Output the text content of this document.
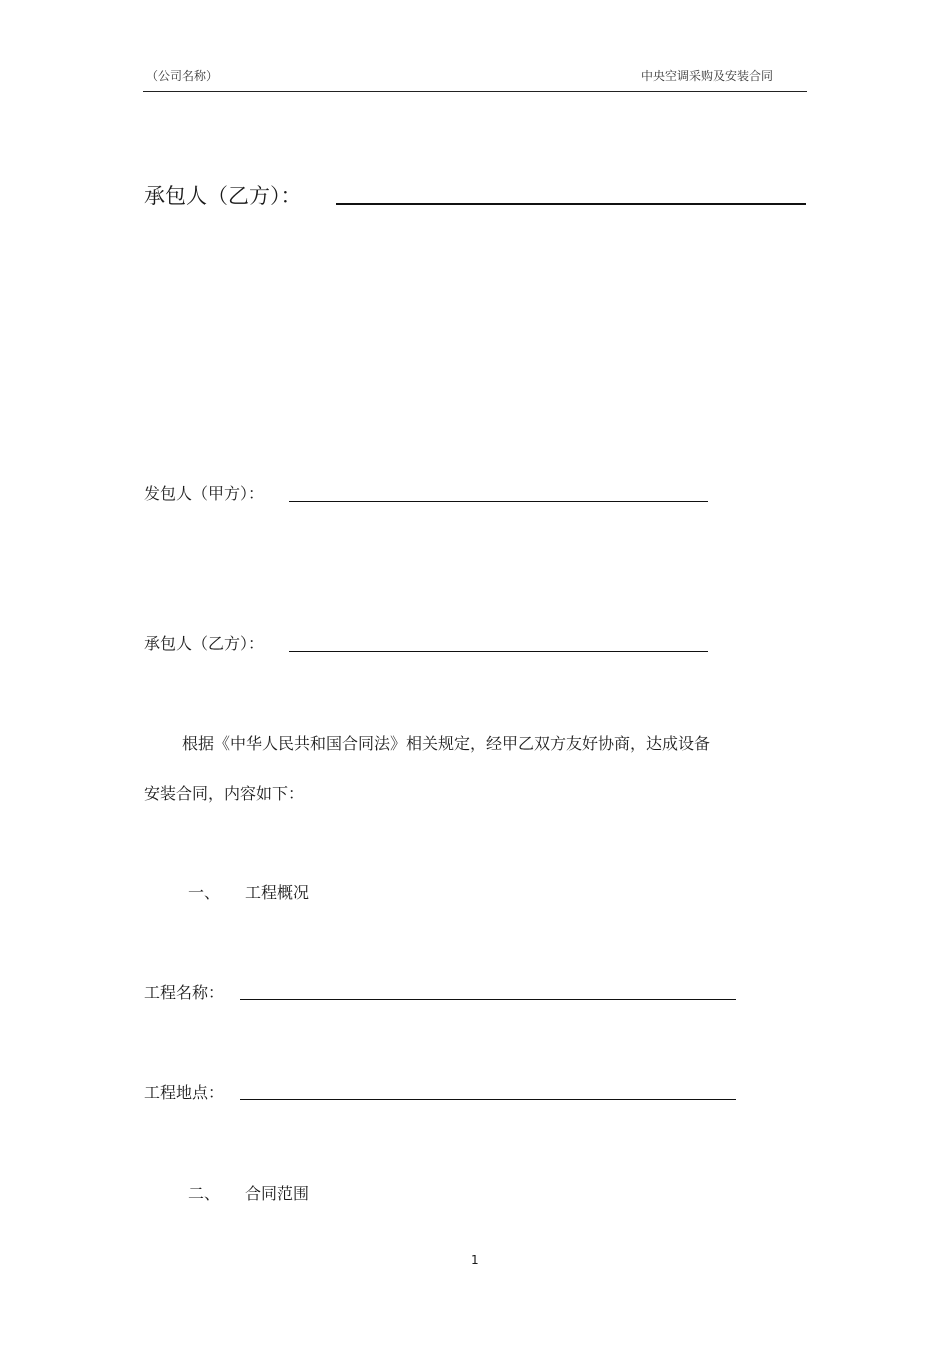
（公司名称）	中央空调采购及安装合同
承包人（乙方）：
发包人（甲方）：
承包人（乙方）：
根据《中华人民共和国合同法》相关规定，经甲乙双方友好协商，达成设备
安装合同，内容如下：
一、 工程概况
工程名称：
工程地点：
二、 合同范围
1
